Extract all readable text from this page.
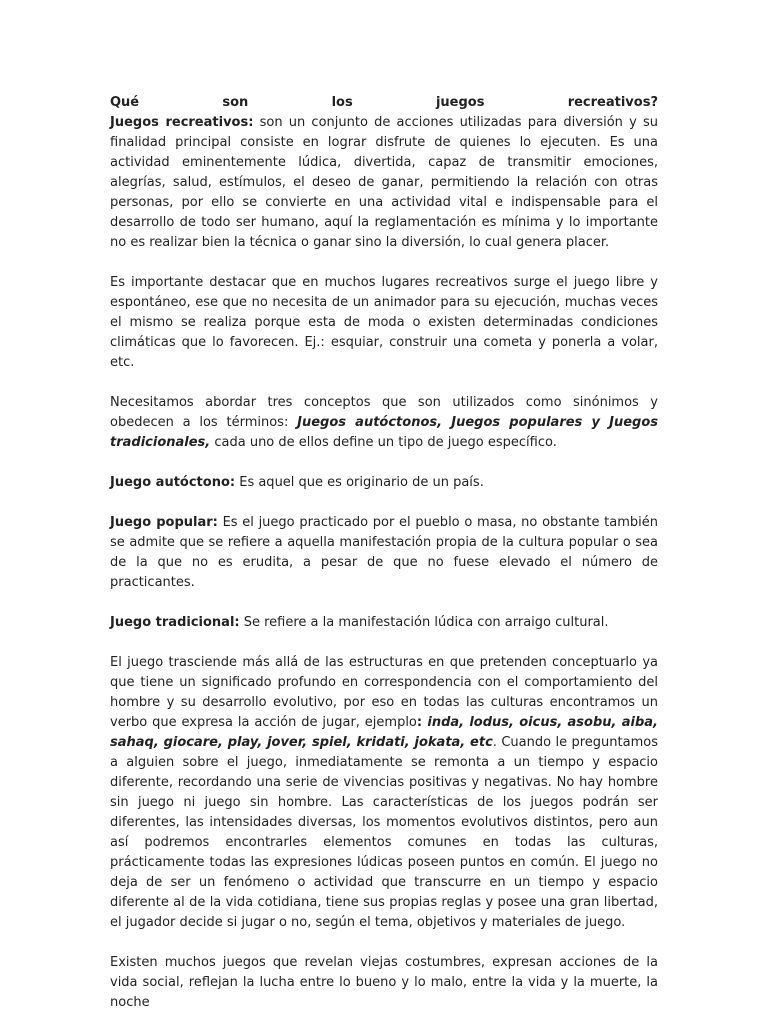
Qué	son	los	juegos	recreativos?

Juegos recreativos: son un conjunto de acciones utilizadas para diversión y su finalidad principal consiste en lograr disfrute de quienes lo ejecuten. Es una actividad eminentemente lúdica, divertida, capaz de transmitir emociones, alegrías, salud, estímulos, el deseo de ganar, permitiendo la relación con otras personas, por ello se convierte en una actividad vital e indispensable para el desarrollo de todo ser humano, aquí la reglamentación es mínima y lo importante no es realizar bien la técnica o ganar sino la diversión, lo cual genera placer.

Es importante destacar que en muchos lugares recreativos surge el juego libre y espontáneo, ese que no necesita de un animador para su ejecución, muchas veces el mismo se realiza porque esta de moda o existen determinadas condiciones climáticas que lo favorecen. Ej.: esquiar, construir una cometa y ponerla a volar, etc.

Necesitamos abordar tres conceptos que son utilizados como sinónimos y obedecen a los términos: Juegos autóctonos, Juegos populares y Juegos tradicionales, cada uno de ellos define un tipo de juego específico.

Juego autóctono: Es aquel que es originario de un país.

Juego popular: Es el juego practicado por el pueblo o masa, no obstante también se admite que se refiere a aquella manifestación propia de la cultura popular o sea de la que no es erudita, a pesar de que no fuese elevado el número de practicantes.

Juego tradicional: Se refiere a la manifestación lúdica con arraigo cultural.

El juego trasciende más allá de las estructuras en que pretenden conceptuarlo ya que tiene un significado profundo en correspondencia con el comportamiento del hombre y su desarrollo evolutivo, por eso en todas las culturas encontramos un verbo que expresa la acción de jugar, ejemplo: inda, lodus, oicus, asobu, aiba, sahaq, giocare, play, jover, spiel, kridati, jokata, etc. Cuando le preguntamos a alguien sobre el juego, inmediatamente se remonta a un tiempo y espacio diferente, recordando una serie de vivencias positivas y negativas. No hay hombre sin juego ni juego sin hombre. Las características de los juegos podrán ser diferentes, las intensidades diversas, los momentos evolutivos distintos, pero aun así podremos encontrarles elementos comunes en todas las culturas, prácticamente todas las expresiones lúdicas poseen puntos en común. El juego no deja de ser un fenómeno o actividad que transcurre en un tiempo y espacio diferente al de la vida cotidiana, tiene sus propias reglas y posee una gran libertad, el jugador decide si jugar o no, según el tema, objetivos y materiales de juego.

Existen muchos juegos que revelan viejas costumbres, expresan acciones de la vida social, reflejan la lucha entre lo bueno y lo malo, entre la vida y la muerte, la noche
